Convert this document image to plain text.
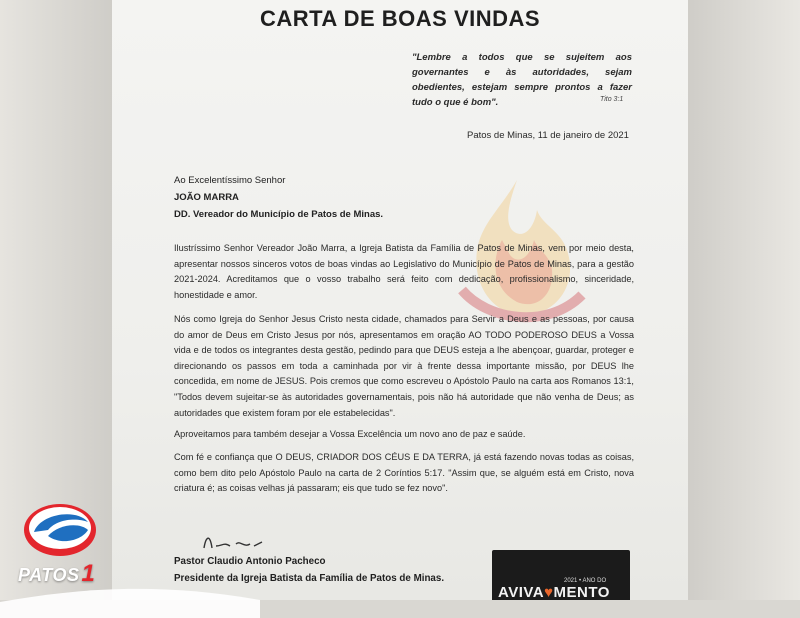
CARTA DE BOAS VINDAS
"Lembre a todos que se sujeitem aos governantes e às autoridades, sejam obedientes, estejam sempre prontos a fazer tudo o que é bom".	Tito 3:1
Patos de Minas, 11 de janeiro de 2021
Ao Excelentíssimo Senhor
JOÃO MARRA
DD. Vereador do Município de Patos de Minas.
Ilustríssimo Senhor Vereador João Marra, a Igreja Batista da Família de Patos de Minas, vem por meio desta, apresentar nossos sinceros votos de boas vindas ao Legislativo do Município de Patos de Minas, para a gestão 2021-2024. Acreditamos que o vosso trabalho será feito com dedicação, profissionalismo, sinceridade, honestidade e amor.
Nós como Igreja do Senhor Jesus Cristo nesta cidade, chamados para Servir a Deus e as pessoas, por causa do amor de Deus em Cristo Jesus por nós, apresentamos em oração AO TODO PODEROSO DEUS a Vossa vida e de todos os integrantes desta gestão, pedindo para que DEUS esteja a lhe abençoar, guardar, proteger e direcionando os passos em toda a caminhada por vir à frente dessa importante missão, por DEUS lhe concedida, em nome de JESUS. Pois cremos que como escreveu o Apóstolo Paulo na carta aos Romanos 13:1, "Todos devem sujeitar-se às autoridades governamentais, pois não há autoridade que não venha de Deus; as autoridades que existem foram por ele estabelecidas".
Aproveitamos para também desejar a Vossa Excelência um novo ano de paz e saúde.
Com fé e confiança que O DEUS, CRIADOR DOS CÉUS E DA TERRA, já está fazendo novas todas as coisas, como bem dito pelo Apóstolo Paulo na carta de 2 Coríntios 5:17. "Assim que, se alguém está em Cristo, nova criatura é; as coisas velhas já passaram; eis que tudo se fez novo".
Pastor Claudio Antonio Pacheco
Presidente da Igreja Batista da Família de Patos de Minas.	2021 • ANO DO
AVIVA♥MENTO
PATOS1
